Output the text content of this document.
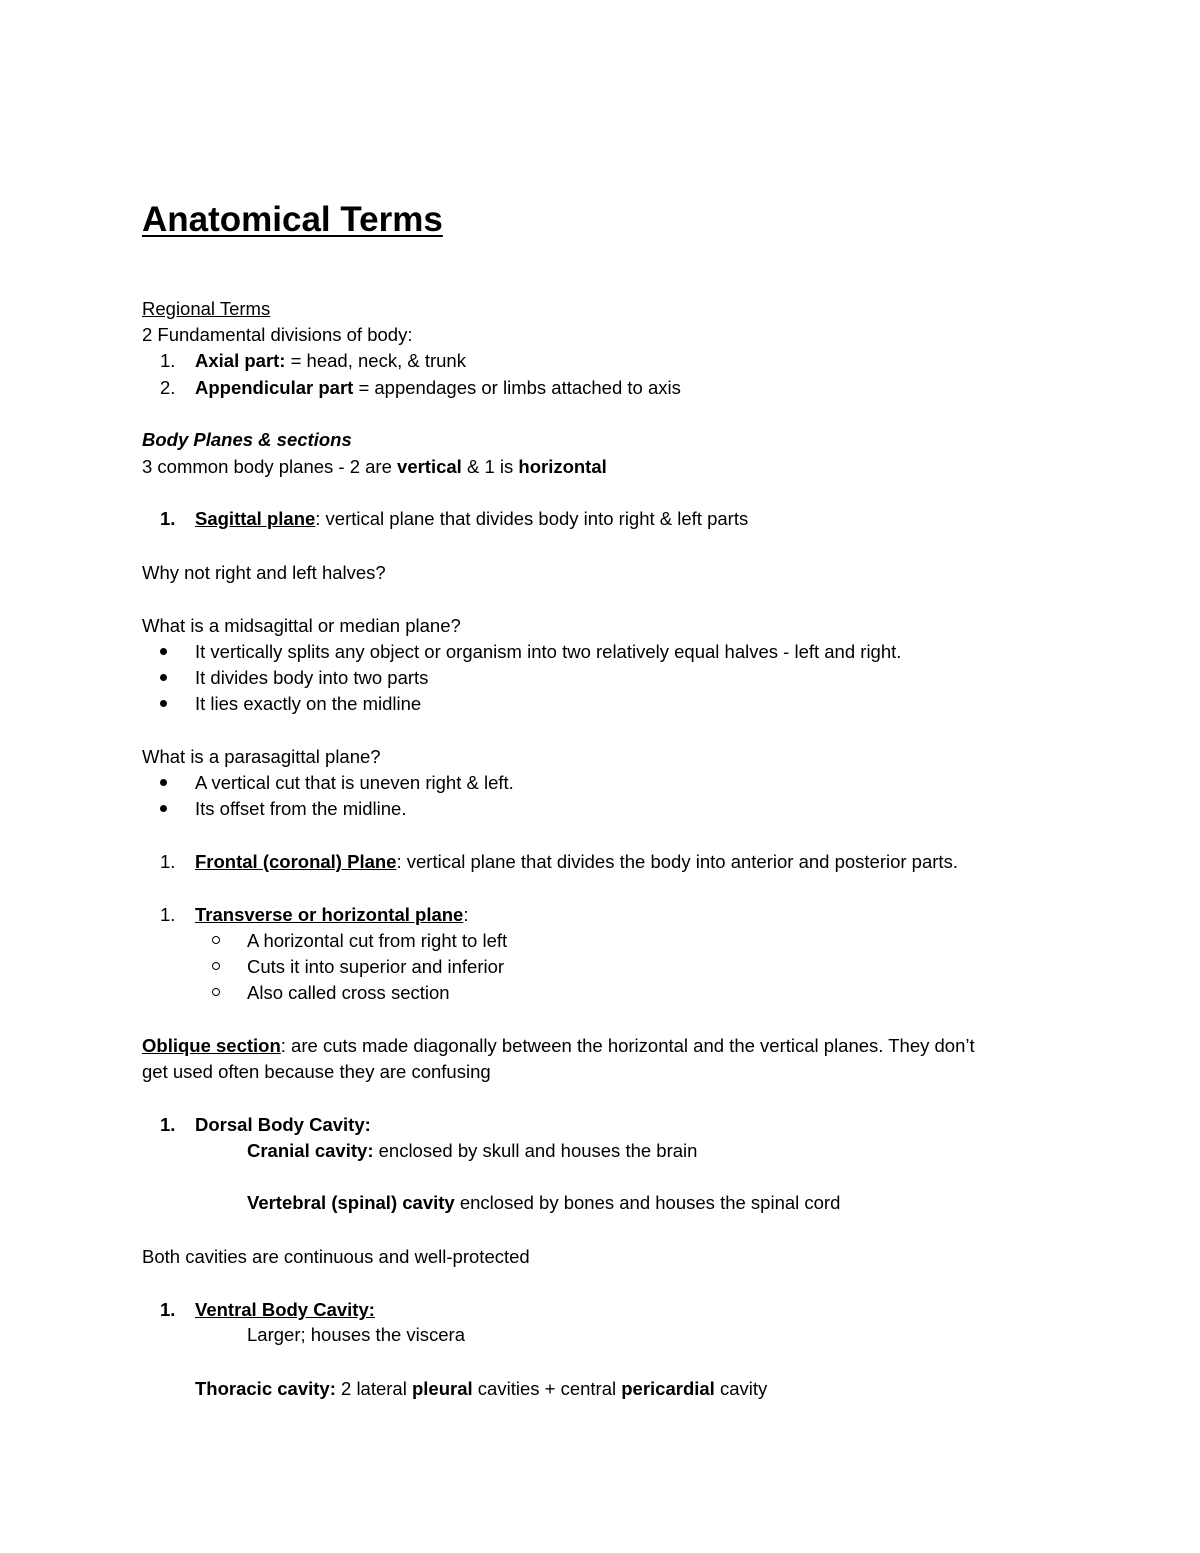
Anatomical Terms
Regional Terms
2 Fundamental divisions of body:
1. Axial part: = head, neck, & trunk
2. Appendicular part = appendages or limbs attached to axis
Body Planes & sections
3 common body planes - 2 are vertical & 1 is horizontal
1. Sagittal plane: vertical plane that divides body into right & left parts
Why not right and left halves?
What is a midsagittal or median plane?
It vertically splits any object or organism into two relatively equal halves - left and right.
It divides body into two parts
It lies exactly on the midline
What is a parasagittal plane?
A vertical cut that is uneven right & left.
Its offset from the midline.
1. Frontal (coronal) Plane: vertical plane that divides the body into anterior and posterior parts.
1. Transverse or horizontal plane:
A horizontal cut from right to left
Cuts it into superior and inferior
Also called cross section
Oblique section: are cuts made diagonally between the horizontal and the vertical planes. They don’t
get used often because they are confusing
1. Dorsal Body Cavity:
Cranial cavity: enclosed by skull and houses the brain
Vertebral (spinal) cavity enclosed by bones and houses the spinal cord
Both cavities are continuous and well-protected
1. Ventral Body Cavity:
Larger; houses the viscera
Thoracic cavity: 2 lateral pleural cavities + central pericardial cavity
